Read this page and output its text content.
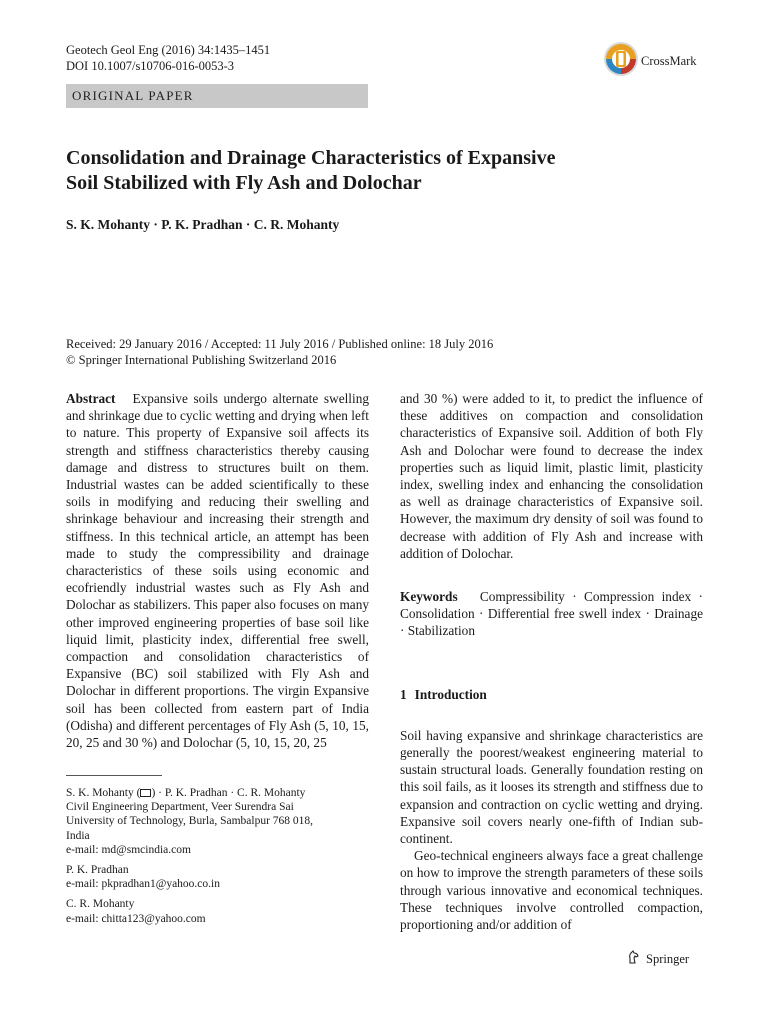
Geotech Geol Eng (2016) 34:1435–1451
DOI 10.1007/s10706-016-0053-3	CrossMark
ORIGINAL PAPER
Consolidation and Drainage Characteristics of Expansive
Soil Stabilized with Fly Ash and Dolochar
S. K. Mohanty · P. K. Pradhan · C. R. Mohanty
Received: 29 January 2016 / Accepted: 11 July 2016 / Published online: 18 July 2016
© Springer International Publishing Switzerland 2016
Abstract Expansive soils undergo alternate swelling and shrinkage due to cyclic wetting and drying when left to nature. This property of Expansive soil affects its strength and stiffness characteristics thereby causing damage and distress to structures built on them. Industrial wastes can be added scientifically to these soils in modifying and reducing their swelling and shrinkage behaviour and increasing their strength and stiffness. In this technical article, an attempt has been made to study the compressibility and drainage characteristics of these soils using economic and ecofriendly industrial wastes such as Fly Ash and Dolochar as stabilizers. This paper also focuses on many other improved engineering properties of base soil like liquid limit, plasticity index, differential free swell, compaction and consolidation characteristics of Expansive (BC) soil stabilized with Fly Ash and Dolochar in different proportions. The virgin Expansive soil has been collected from eastern part of India (Odisha) and different percentages of Fly Ash (5, 10, 15, 20, 25 and 30 %) and Dolochar (5, 10, 15, 20, 25
S. K. Mohanty ( ) · P. K. Pradhan · C. R. Mohanty
Civil Engineering Department, Veer Surendra Sai
University of Technology, Burla, Sambalpur 768 018,
India
e-mail: md@smcindia.com
P. K. Pradhan
e-mail: pkpradhan1@yahoo.co.in
C. R. Mohanty
e-mail: chitta123@yahoo.com
and 30 %) were added to it, to predict the influence of these additives on compaction and consolidation characteristics of Expansive soil. Addition of both Fly Ash and Dolochar were found to decrease the index properties such as liquid limit, plastic limit, plasticity index, swelling index and enhancing the consolidation as well as drainage characteristics of Expansive soil. However, the maximum dry density of soil was found to decrease with addition of Fly Ash and increase with addition of Dolochar.
Keywords Compressibility · Compression index · Consolidation · Differential free swell index · Drainage · Stabilization
1 Introduction
Soil having expansive and shrinkage characteristics are generally the poorest/weakest engineering material to sustain structural loads. Generally foundation resting on this soil fails, as it looses its strength and stiffness due to expansion and contraction on cyclic wetting and drying. Expansive soil covers nearly one-fifth of Indian sub-continent.
Geo-technical engineers always face a great challenge on how to improve the strength parameters of these soils through various innovative and economical techniques. These techniques involve controlled compaction, proportioning and/or addition of
Springer
